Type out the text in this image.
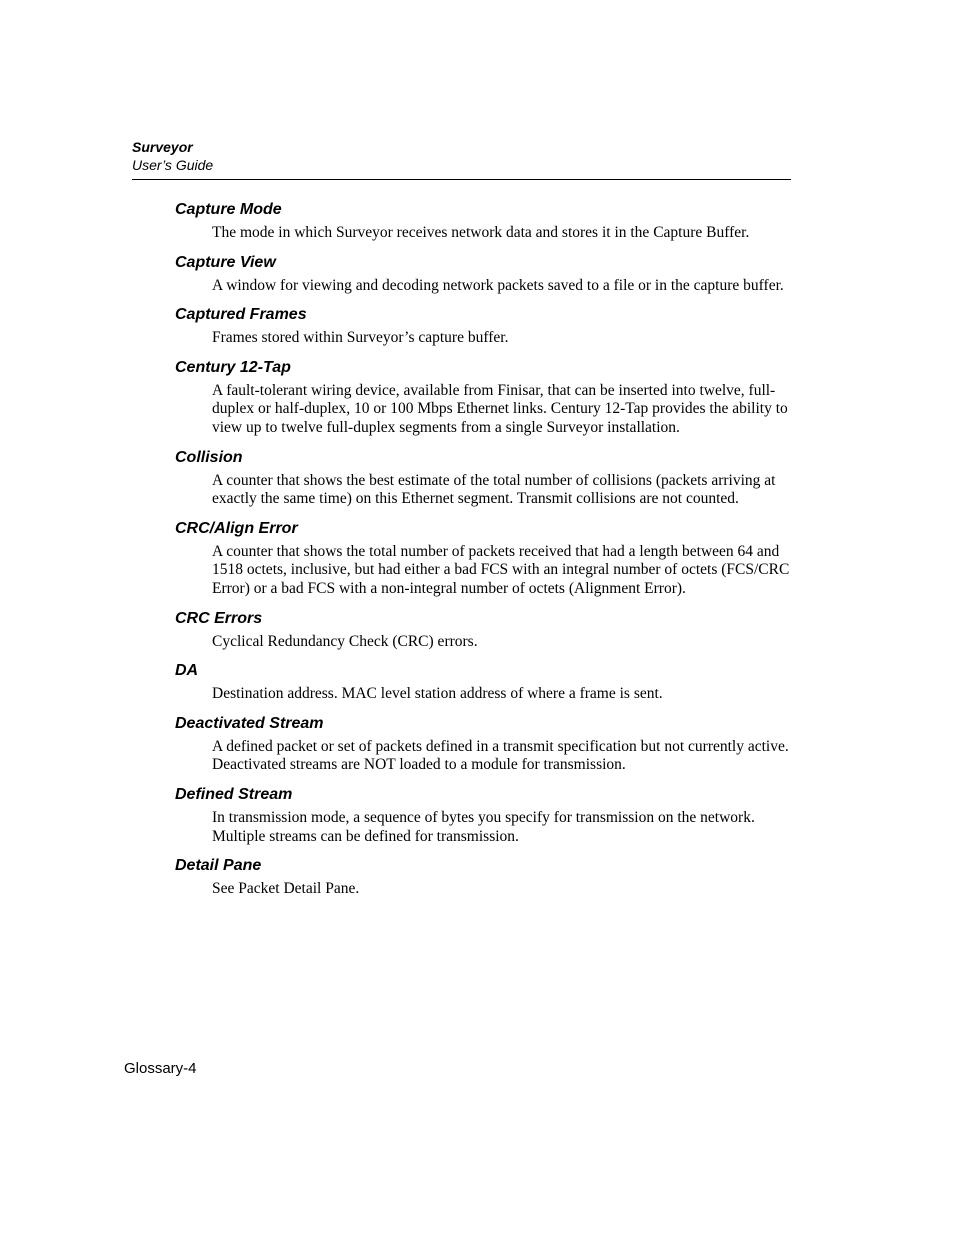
Surveyor
User’s Guide
Capture Mode
The mode in which Surveyor receives network data and stores it in the Capture Buffer.
Capture View
A window for viewing and decoding network packets saved to a file or in the capture buffer.
Captured Frames
Frames stored within Surveyor’s capture buffer.
Century 12-Tap
A fault-tolerant wiring device, available from Finisar, that can be inserted into twelve, full-duplex or half-duplex, 10 or 100 Mbps Ethernet links. Century 12-Tap provides the ability to view up to twelve full-duplex segments from a single Surveyor installation.
Collision
A counter that shows the best estimate of the total number of collisions (packets arriving at exactly the same time) on this Ethernet segment. Transmit collisions are not counted.
CRC/Align Error
A counter that shows the total number of packets received that had a length between 64 and 1518 octets, inclusive, but had either a bad FCS with an integral number of octets (FCS/CRC Error) or a bad FCS with a non-integral number of octets (Alignment Error).
CRC Errors
Cyclical Redundancy Check (CRC) errors.
DA
Destination address. MAC level station address of where a frame is sent.
Deactivated Stream
A defined packet or set of packets defined in a transmit specification but not currently active. Deactivated streams are NOT loaded to a module for transmission.
Defined Stream
In transmission mode, a sequence of bytes you specify for transmission on the network. Multiple streams can be defined for transmission.
Detail Pane
See Packet Detail Pane.
Glossary-4
